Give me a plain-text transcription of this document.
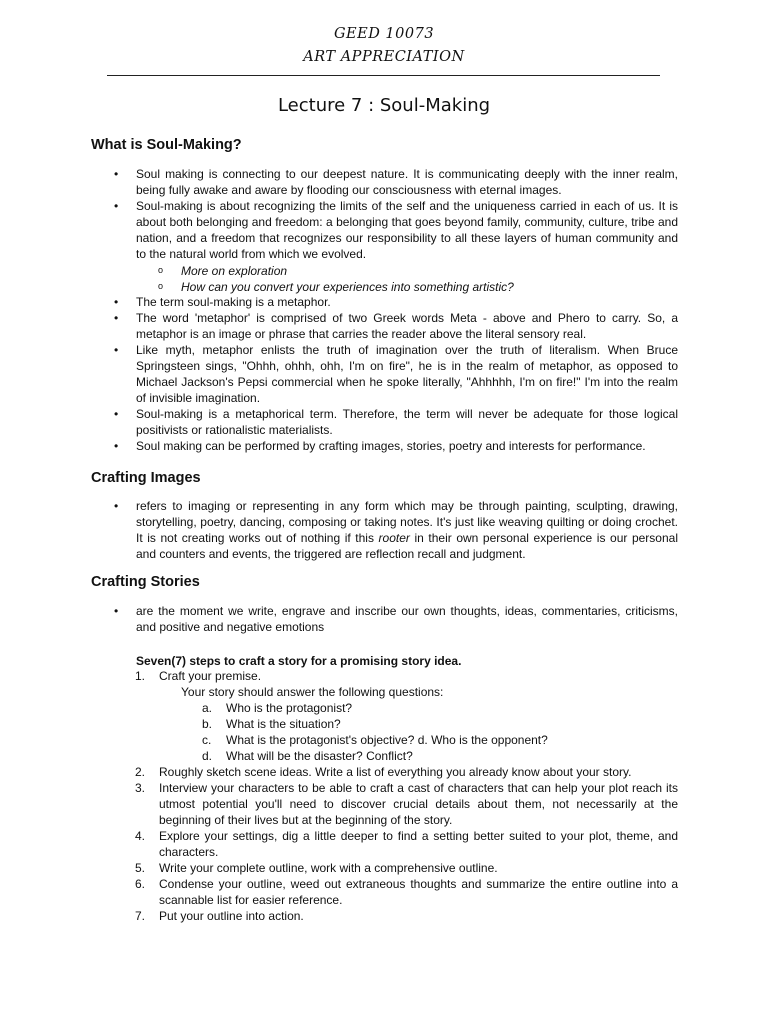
GEED 10073
ART APPRECIATION
Lecture 7 : Soul-Making
What is Soul-Making?
• Soul making is connecting to our deepest nature. It is communicating deeply with the inner realm, being fully awake and aware by flooding our consciousness with eternal images.
• Soul-making is about recognizing the limits of the self and the uniqueness carried in each of us. It is about both belonging and freedom: a belonging that goes beyond family, community, culture, tribe and nation, and a freedom that recognizes our responsibility to all these layers of human community and to the natural world from which we evolved.
o More on exploration
o How can you convert your experiences into something artistic?
• The term soul-making is a metaphor.
• The word 'metaphor' is comprised of two Greek words Meta - above and Phero to carry. So, a metaphor is an image or phrase that carries the reader above the literal sensory real.
• Like myth, metaphor enlists the truth of imagination over the truth of literalism. When Bruce Springsteen sings, "Ohhh, ohhh, ohh, I'm on fire", he is in the realm of metaphor, as opposed to Michael Jackson's Pepsi commercial when he spoke literally, "Ahhhhh, I'm on fire!" I'm into the realm of invisible imagination.
• Soul-making is a metaphorical term. Therefore, the term will never be adequate for those logical positivists or rationalistic materialists.
• Soul making can be performed by crafting images, stories, poetry and interests for performance.
Crafting Images
• refers to imaging or representing in any form which may be through painting, sculpting, drawing, storytelling, poetry, dancing, composing or taking notes. It's just like weaving quilting or doing crochet. It is not creating works out of nothing if this rooter in their own personal experience is our personal and counters and events, the triggered are reflection recall and judgment.
Crafting Stories
• are the moment we write, engrave and inscribe our own thoughts, ideas, commentaries, criticisms, and positive and negative emotions
Seven(7) steps to craft a story for a promising story idea.
1. Craft your premise.
Your story should answer the following questions:
a. Who is the protagonist?
b. What is the situation?
c. What is the protagonist's objective? d. Who is the opponent?
d. What will be the disaster? Conflict?
2. Roughly sketch scene ideas. Write a list of everything you already know about your story.
3. Interview your characters to be able to craft a cast of characters that can help your plot reach its utmost potential you'll need to discover crucial details about them, not necessarily at the beginning of their lives but at the beginning of the story.
4. Explore your settings, dig a little deeper to find a setting better suited to your plot, theme, and characters.
5. Write your complete outline, work with a comprehensive outline.
6. Condense your outline, weed out extraneous thoughts and summarize the entire outline into a scannable list for easier reference.
7. Put your outline into action.
